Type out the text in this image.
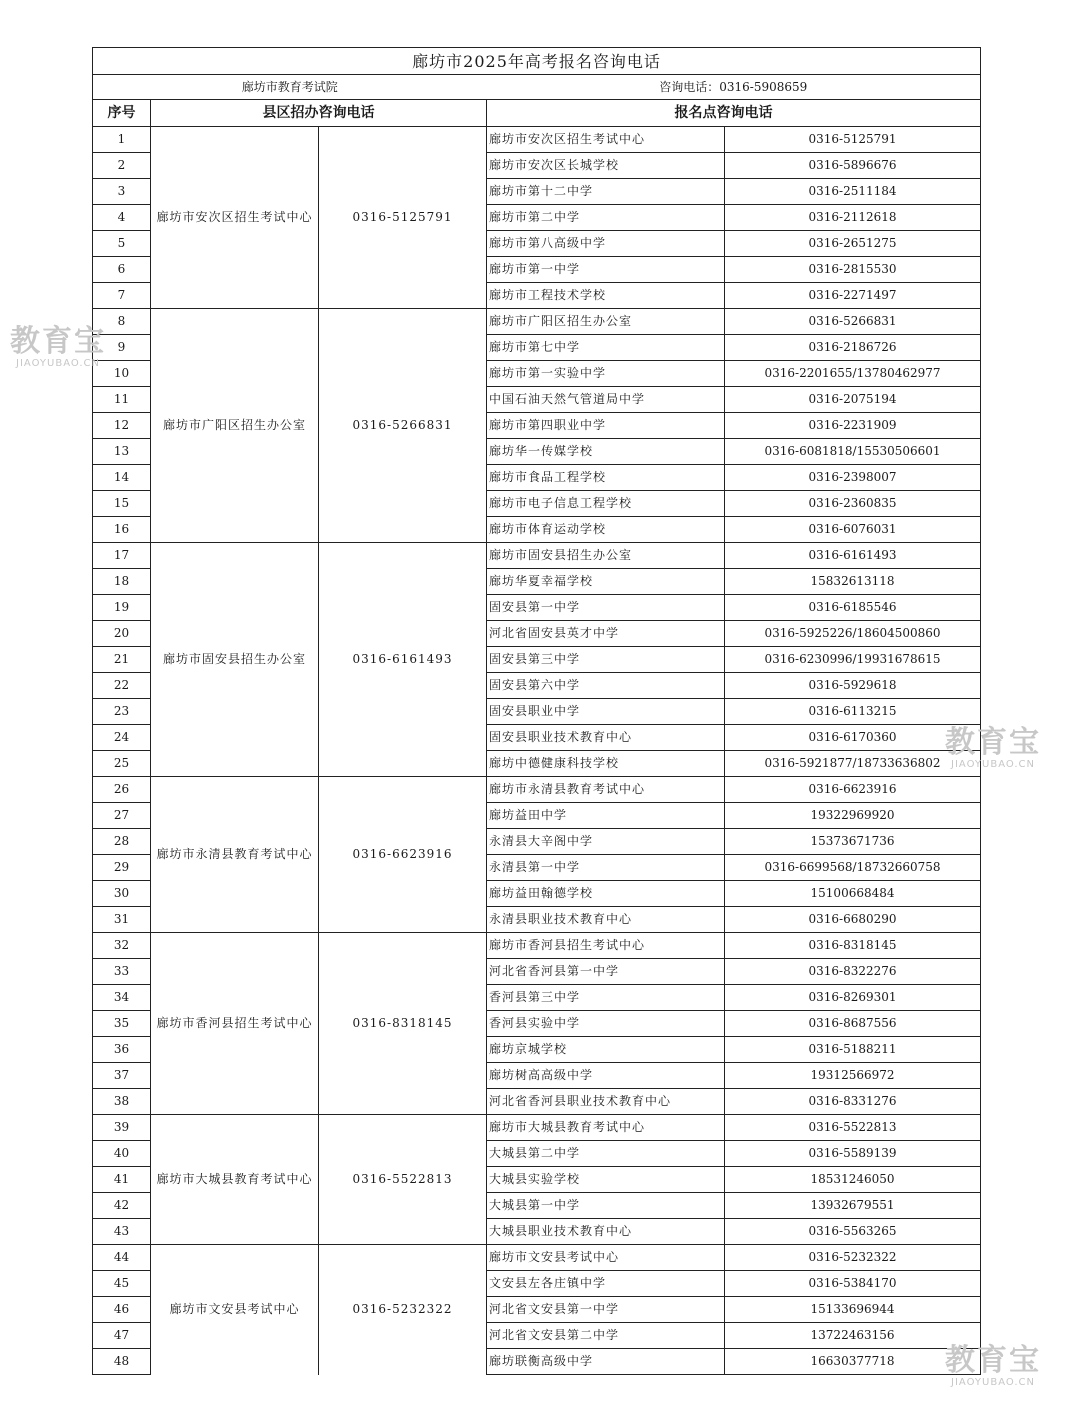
廊坊市2025年高考报名咨询电话				
廊坊市教育考试院			咨询电话：0316-5908659	
序号	县区招办咨询电话			报名点咨询电话
1	廊坊市安次区招生考试中心	0316-5125791	廊坊市安次区招生考试中心	0316-5125791
2			廊坊市安次区长城学校	0316-5896676
3			廊坊市第十二中学	0316-2511184
4			廊坊市第二中学	0316-2112618
5			廊坊市第八高级中学	0316-2651275
6			廊坊市第一中学	0316-2815530
7			廊坊市工程技术学校	0316-2271497
8	廊坊市广阳区招生办公室	0316-5266831	廊坊市广阳区招生办公室	0316-5266831
9			廊坊市第七中学	0316-2186726
10			廊坊市第一实验中学	0316-2201655/13780462977
11			中国石油天然气管道局中学	0316-2075194
12			廊坊市第四职业中学	0316-2231909
13			廊坊华一传媒学校	0316-6081818/15530506601
14			廊坊市食品工程学校	0316-2398007
15			廊坊市电子信息工程学校	0316-2360835
16			廊坊市体育运动学校	0316-6076031
17	廊坊市固安县招生办公室	0316-6161493	廊坊市固安县招生办公室	0316-6161493
18			廊坊华夏幸福学校	15832613118
19			固安县第一中学	0316-6185546
20			河北省固安县英才中学	0316-5925226/18604500860
21			固安县第三中学	0316-6230996/19931678615
22			固安县第六中学	0316-5929618
23			固安县职业中学	0316-6113215
24			固安县职业技术教育中心	0316-6170360
25			廊坊中德健康科技学校	0316-5921877/18733636802
26	廊坊市永清县教育考试中心	0316-6623916	廊坊市永清县教育考试中心	0316-6623916
27			廊坊益田中学	19322969920
28			永清县大辛阁中学	15373671736
29			永清县第一中学	0316-6699568/18732660758
30			廊坊益田翰德学校	15100668484
31			永清县职业技术教育中心	0316-6680290
32	廊坊市香河县招生考试中心	0316-8318145	廊坊市香河县招生考试中心	0316-8318145
33			河北省香河县第一中学	0316-8322276
34			香河县第三中学	0316-8269301
35			香河县实验中学	0316-8687556
36			廊坊京城学校	0316-5188211
37			廊坊树高高级中学	19312566972
38			河北省香河县职业技术教育中心	0316-8331276
39	廊坊市大城县教育考试中心	0316-5522813	廊坊市大城县教育考试中心	0316-5522813
40			大城县第二中学	0316-5589139
41			大城县实验学校	18531246050
42			大城县第一中学	13932679551
43			大城县职业技术教育中心	0316-5563265
44	廊坊市文安县考试中心	0316-5232322	廊坊市文安县考试中心	0316-5232322
45			文安县左各庄镇中学	0316-5384170
46			河北省文安县第一中学	15133696944
47			河北省文安县第二中学	13722463156
48			廊坊联衡高级中学	16630377718
教育宝
JIAOYUBAO.CN
教育宝
JIAOYUBAO.CN
教育宝
JIAOYUBAO.CN
